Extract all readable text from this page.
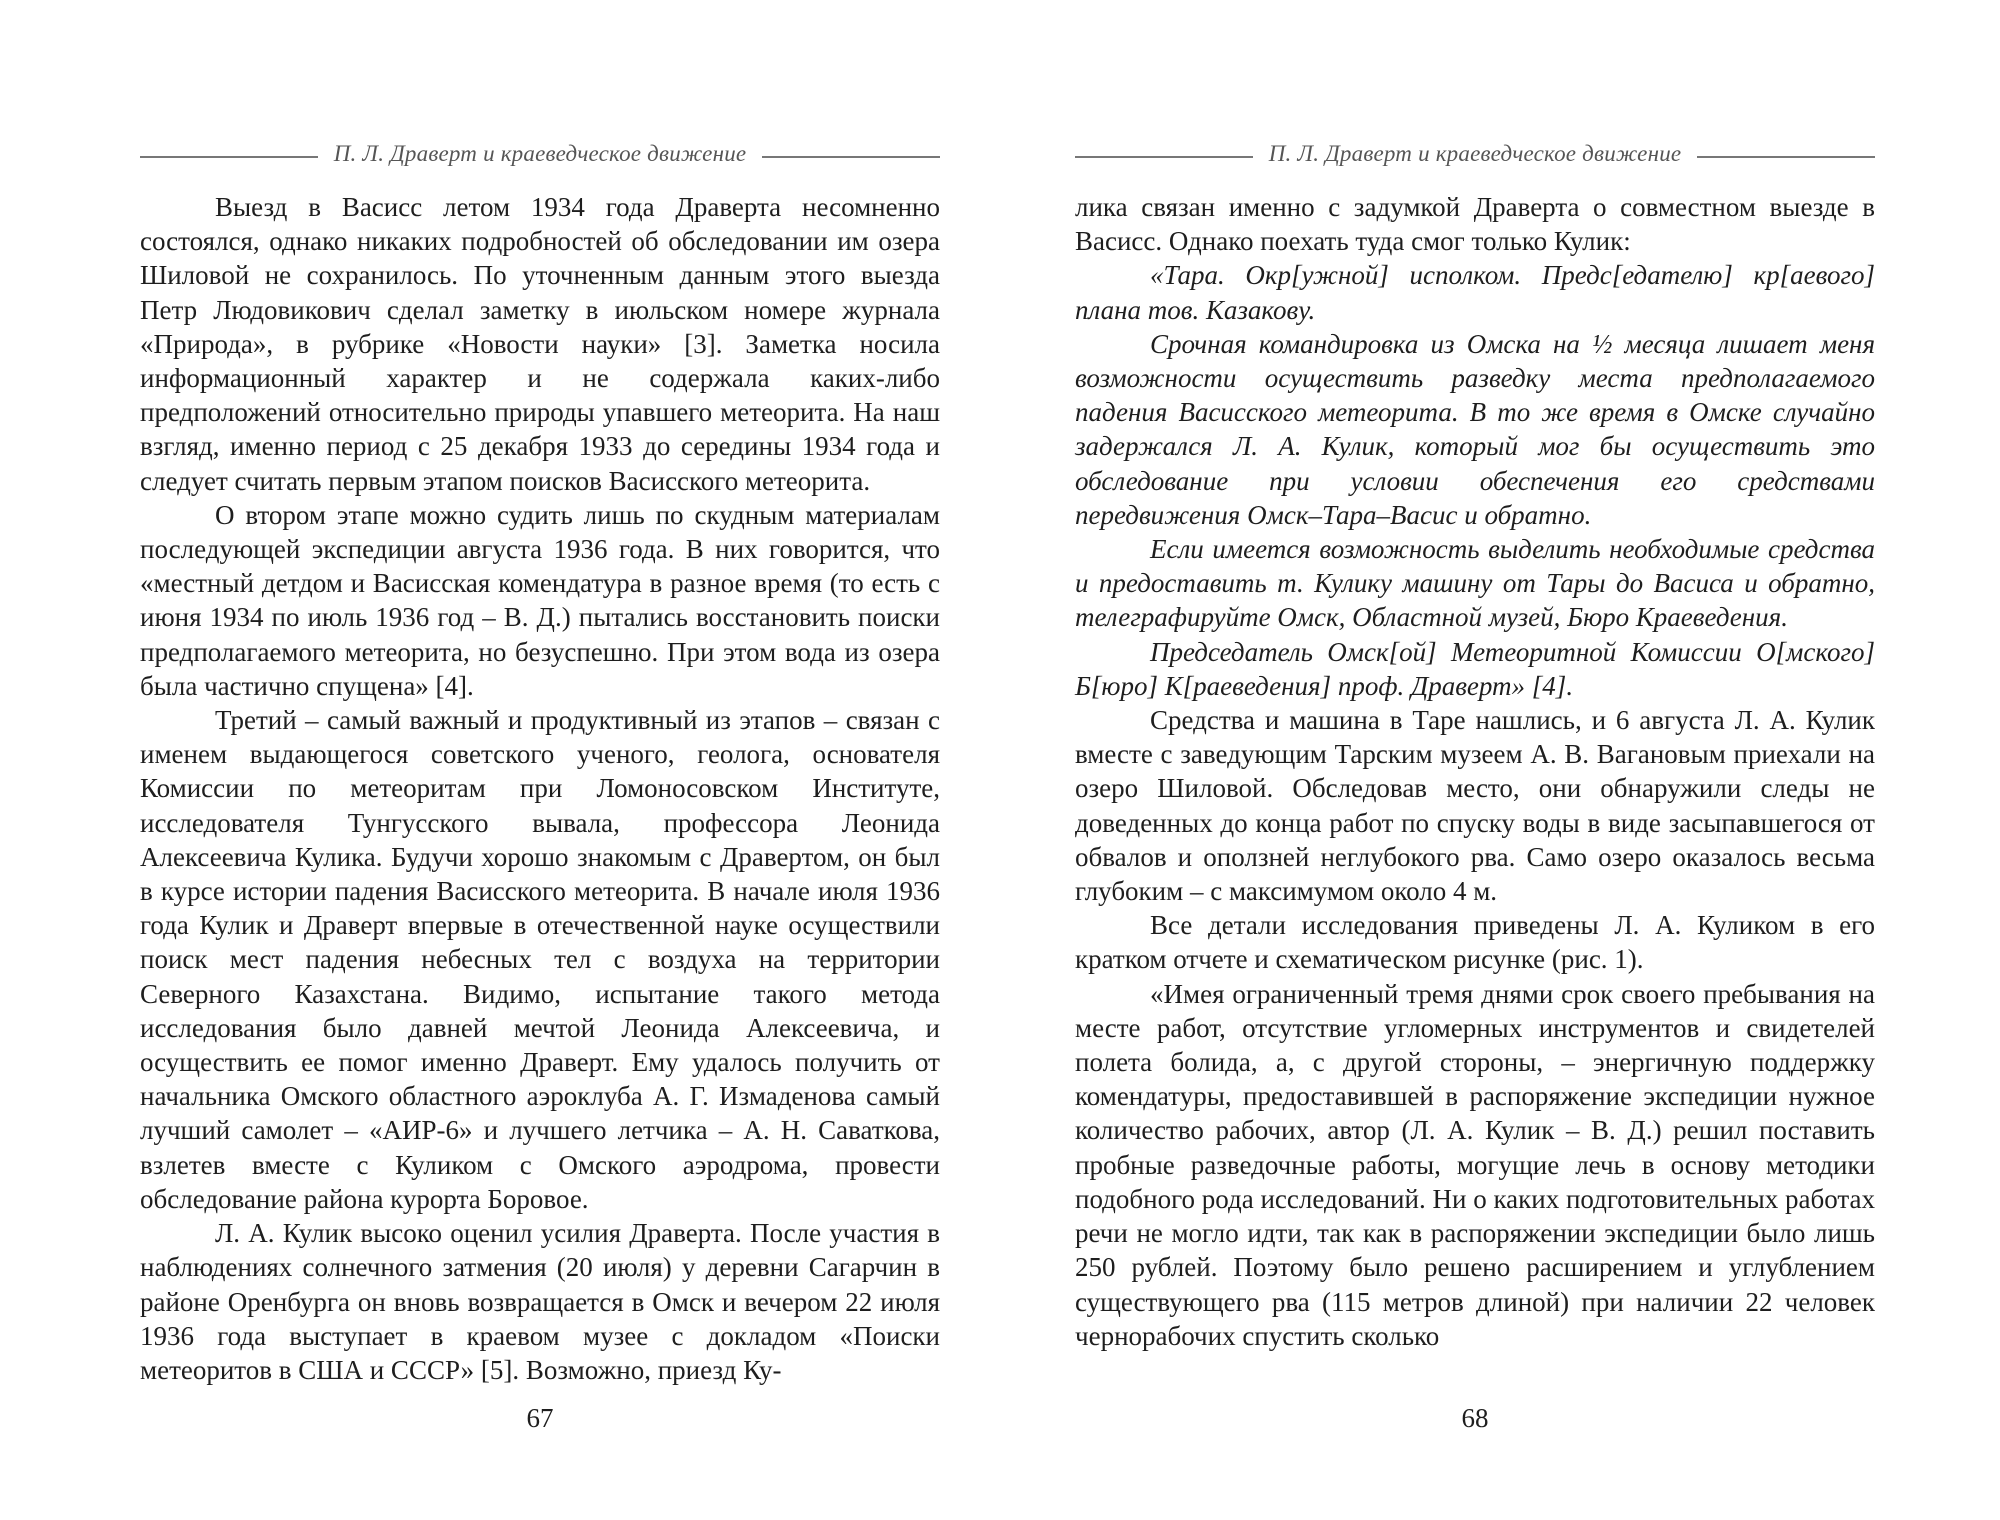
П. Л. Драверт и краеведческое движение

Выезд в Васисс летом 1934 года Драверта несомненно состоялся, однако никаких подробностей об обследовании им озера Шиловой не сохранилось. По уточненным данным этого выезда Петр Людовикович сделал заметку в июльском номере журнала «Природа», в рубрике «Новости науки» [3]. Заметка носила информационный характер и не содержала каких-либо предположений относительно природы упавшего метеорита. На наш взгляд, именно период с 25 декабря 1933 до середины 1934 года и следует считать первым этапом поисков Васисского метеорита.

О втором этапе можно судить лишь по скудным материалам последующей экспедиции августа 1936 года. В них говорится, что «местный детдом и Васисская комендатура в разное время (то есть с июня 1934 по июль 1936 год – В. Д.) пытались восстановить поиски предполагаемого метеорита, но безуспешно. При этом вода из озера была частично спущена» [4].

Третий – самый важный и продуктивный из этапов – связан с именем выдающегося советского ученого, геолога, основателя Комиссии по метеоритам при Ломоносовском Институте, исследователя Тунгусского вывала, профессора Леонида Алексеевича Кулика. Будучи хорошо знакомым с Дравертом, он был в курсе истории падения Васисского метеорита. В начале июля 1936 года Кулик и Драверт впервые в отечественной науке осуществили поиск мест падения небесных тел с воздуха на территории Северного Казахстана. Видимо, испытание такого метода исследования было давней мечтой Леонида Алексеевича, и осуществить ее помог именно Драверт. Ему удалось получить от начальника Омского областного аэроклуба А. Г. Измаденова самый лучший самолет – «АИР-6» и лучшего летчика – А. Н. Саваткова, взлетев вместе с Куликом с Омского аэродрома, провести обследование района курорта Боровое.

Л. А. Кулик высоко оценил усилия Драверта. После участия в наблюдениях солнечного затмения (20 июля) у деревни Сагарчин в районе Оренбурга он вновь возвращается в Омск и вечером 22 июля 1936 года выступает в краевом музее с докладом «Поиски метеоритов в США и СССР» [5]. Возможно, приезд Ку-

67
П. Л. Драверт и краеведческое движение

лика связан именно с задумкой Драверта о совместном выезде в Васисс. Однако поехать туда смог только Кулик:

«Тара. Окр[ужной] исполком. Предс[едателю] кр[аевого] плана тов. Казакову.

Срочная командировка из Омска на ½ месяца лишает меня возможности осуществить разведку места предполагаемого падения Васисского метеорита. В то же время в Омске случайно задержался Л. А. Кулик, который мог бы осуществить это обследование при условии обеспечения его средствами передвижения Омск–Тара–Васис и обратно.

Если имеется возможность выделить необходимые средства и предоставить т. Кулику машину от Тары до Васиса и обратно, телеграфируйте Омск, Областной музей, Бюро Краеведения.

Председатель Омск[ой] Метеоритной Комиссии О[мского] Б[юро] К[раеведения] проф. Драверт» [4].

Средства и машина в Таре нашлись, и 6 августа Л. А. Кулик вместе с заведующим Тарским музеем А. В. Вагановым приехали на озеро Шиловой. Обследовав место, они обнаружили следы не доведенных до конца работ по спуску воды в виде засыпавшегося от обвалов и оползней неглубокого рва. Само озеро оказалось весьма глубоким – с максимумом около 4 м.

Все детали исследования приведены Л. А. Куликом в его кратком отчете и схематическом рисунке (рис. 1).

«Имея ограниченный тремя днями срок своего пребывания на месте работ, отсутствие угломерных инструментов и свидетелей полета болида, а, с другой стороны, – энергичную поддержку комендатуры, предоставившей в распоряжение экспедиции нужное количество рабочих, автор (Л. А. Кулик – В. Д.) решил поставить пробные разведочные работы, могущие лечь в основу методики подобного рода исследований. Ни о каких подготовительных работах речи не могло идти, так как в распоряжении экспедиции было лишь 250 рублей. Поэтому было решено расширением и углублением существующего рва (115 метров длиной) при наличии 22 человек чернорабочих спустить сколько

68
